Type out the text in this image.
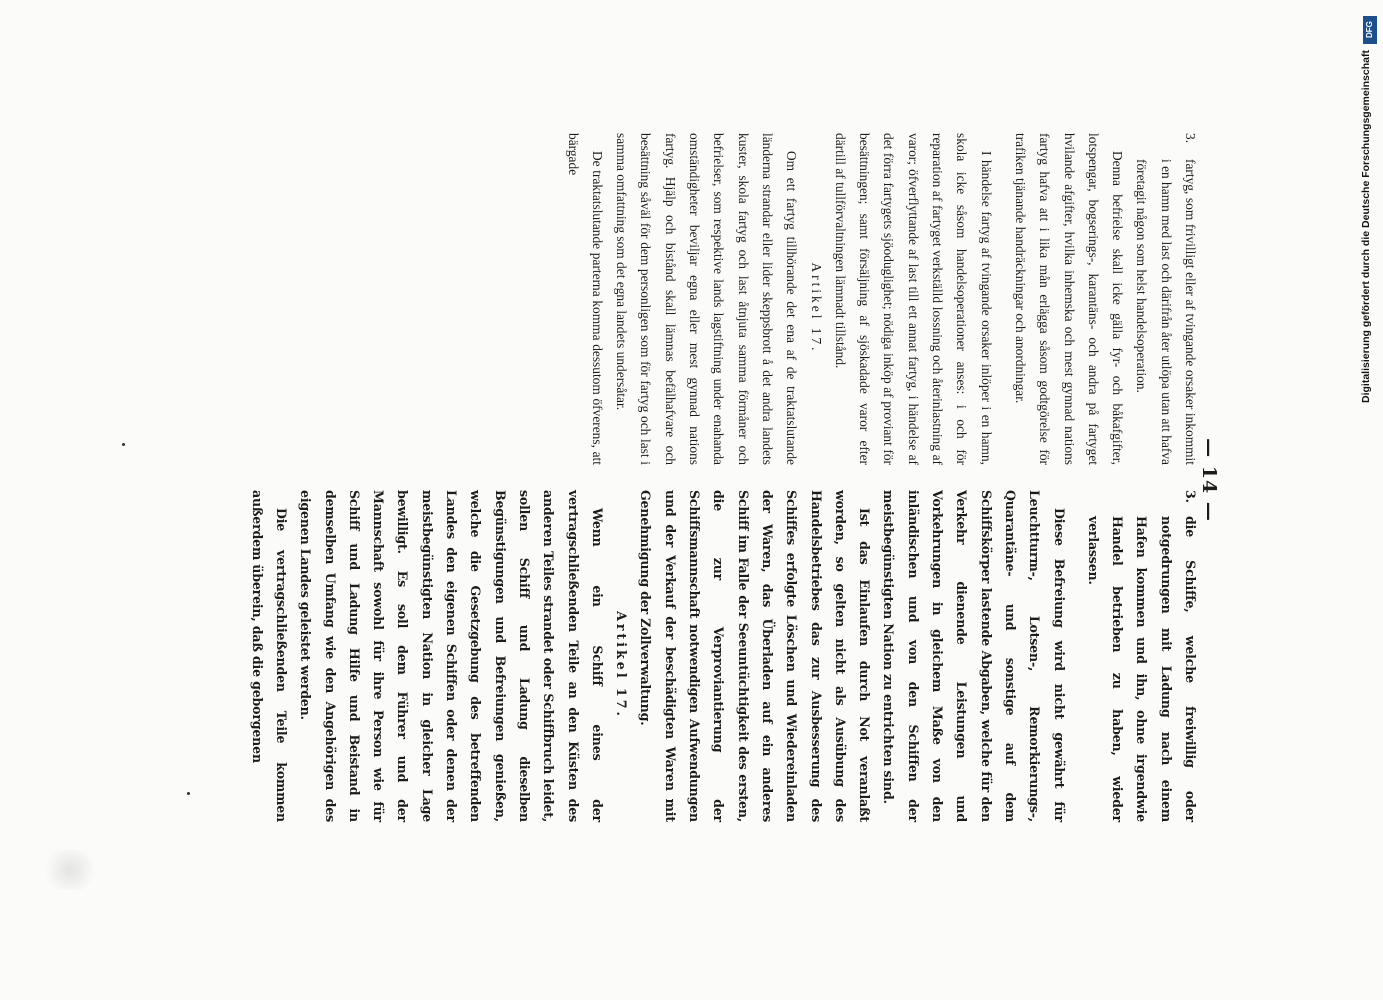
— 14 —

3.
fartyg, som frivilligt eller af tvingande orsaker inkommit i en hamn med last och därifrån åter utlöpa utan att hafva företagit någon som helst handelsoperation.

Denna befrielse skall icke gälla fyr- och båkafgifter, lotspengar, bogserings-, karantäns- och andra på fartyget hvilande afgifter, hvilka inhemska och mest gynnad nations fartyg hafva att i lika mån erlägga såsom godtgörelse för trafiken tjänande handräckningar och anordningar.

I händelse fartyg af tvingande orsaker inlöper i en hamn, skola icke såsom handelsoperationer anses: i och för reparation af fartyget verkställd lossning och återinlastning af varor; öfverflyttande af last till ett annat fartyg, i händelse af det förra fartygets sjöoduglighet; nödiga inköp af proviant för besättningen; samt försäljning af sjöskadade varor efter därtill af tullförvaltningen lämnadt tillstånd.

Artikel 17.

Om ett fartyg tillhörande det ena af de traktatslutande länderna strandar eller lider skeppsbrott å det andra landets kuster, skola fartyg och last åtnjuta samma förmåner och befrielser, som respektive lands lagstiftning under enahanda omständigheter beviljar egna eller mest gynnad nations fartyg. Hjälp och bistånd skall lämnas befälhafvare och besättning såväl för dem personligen som för fartyg och last i samma omfattning som det egna landets undersåtar.

De traktatslutande parterna komma dessutom öfverens, att bärgade

3.
die Schiffe, welche freiwillig oder notgedrungen mit Ladung nach einem Hafen kommen und ihn, ohne irgendwie Handel betrieben zu haben, wieder verlassen.

Diese Befreiung wird nicht gewährt für Leuchtturm-, Lotsen-, Remorkierungs-, Quarantäne- und sonstige auf dem Schiffskörper lastende Abgaben, welche für den Verkehr dienende Leistungen und Vorkehrungen in gleichem Maße von den inländischen und von den Schiffen der meistbegünstigten Nation zu entrichten sind.

Ist das Einlaufen durch Not veranlaßt worden, so gelten nicht als Ausübung des Handelsbetriebes das zur Ausbesserung des Schiffes erfolgte Löschen und Wiedereinladen der Waren, das Überladen auf ein anderes Schiff im Falle der Seeuntüchtigkeit des ersten, die zur Verproviantierung der Schiffsmannschaft notwendigen Aufwendungen und der Verkauf der beschädigten Waren mit Genehmigung der Zollverwaltung.

Artikel 17.

Wenn ein Schiff eines der vertragschließenden Teile an den Küsten des anderen Teiles strandet oder Schiffbruch leidet, sollen Schiff und Ladung dieselben Begünstigungen und Befreiungen genießen, welche die Gesetzgebung des betreffenden Landes den eigenen Schiffen oder denen der meistbegünstigten Nation in gleicher Lage bewilligt. Es soll dem Führer und der Mannschaft sowohl für ihre Person wie für Schiff und Ladung Hilfe und Beistand in demselben Umfang wie den Angehörigen des eigenen Landes geleistet werden.

Die vertragschließenden Teile kommen außerdem überein, daß die geborgenen

DFG
Digitalisierung gefördert durch die Deutsche Forschungsgemeinschaft
